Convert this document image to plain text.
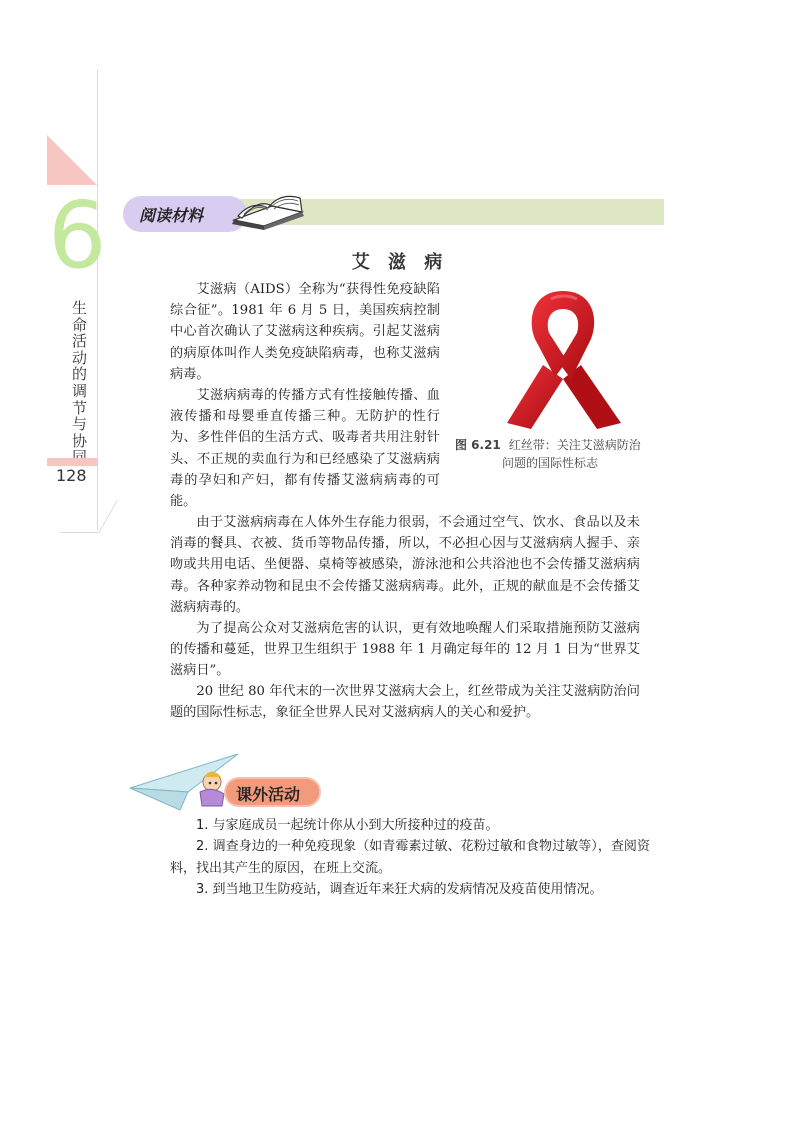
6
生命活动的调节与协
128
阅读材料
艾 滋 病

艾滋病（AIDS）全称为“获得性免疫缺陷综合征”。1981 年 6 月 5 日，美国疾病控制中心首次确认了艾滋病这种疾病。引起艾滋病的病原体叫作人类免疫缺陷病毒，也称艾滋病病毒。

艾滋病病毒的传播方式有性接触传播、血液传播和母婴垂直传播三种。无防护的性行为、多性伴侣的生活方式、吸毒者共用注射针头、不正规的卖血行为和已经感染了艾滋病病毒的孕妇和产妇，都有传播艾滋病病毒的可能。

图 6.21 红丝带：关注艾滋病防治
问题的国际性标志

由于艾滋病病毒在人体外生存能力很弱，不会通过空气、饮水、食品以及未消毒的餐具、衣被、货币等物品传播，所以，不必担心因与艾滋病病人握手、亲吻或共用电话、坐便器、桌椅等被感染，游泳池和公共浴池也不会传播艾滋病病毒。各种家养动物和昆虫不会传播艾滋病病毒。此外，正规的献血是不会传播艾滋病病毒的。

为了提高公众对艾滋病危害的认识，更有效地唤醒人们采取措施预防艾滋病的传播和蔓延，世界卫生组织于 1988 年 1 月确定每年的 12 月 1 日为“世界艾滋病日”。

20 世纪 80 年代末的一次世界艾滋病大会上，红丝带成为关注艾滋病防治问题的国际性标志，象征全世界人民对艾滋病病人的关心和爱护。

课外活动

1. 与家庭成员一起统计你从小到大所接种过的疫苗。

2. 调查身边的一种免疫现象（如青霉素过敏、花粉过敏和食物过敏等），查阅资料，找出其产生的原因，在班上交流。

3. 到当地卫生防疫站，调查近年来狂犬病的发病情况及疫苗使用情况。
